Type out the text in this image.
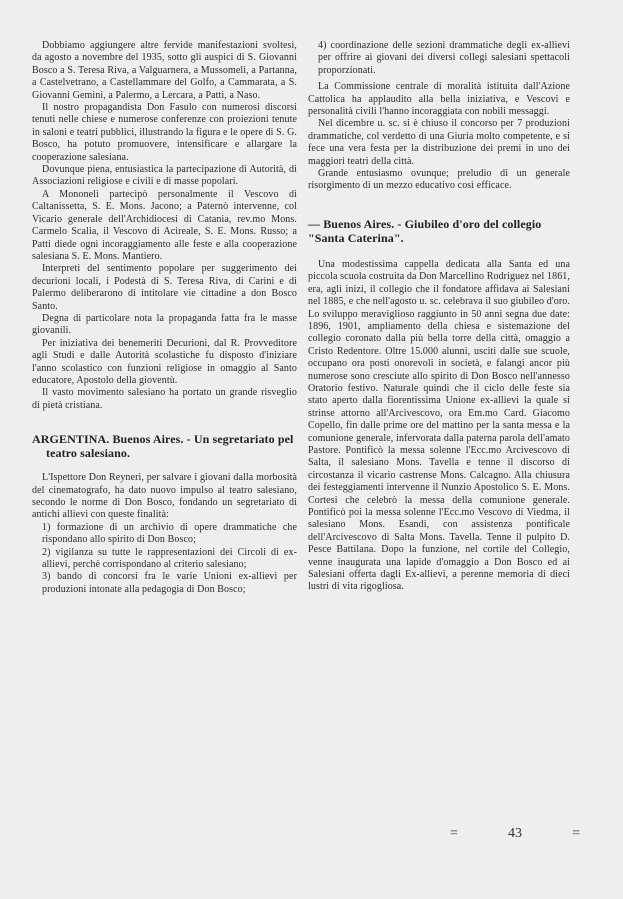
Dobbiamo aggiungere altre fervide manifestazioni svoltesi, da agosto a novembre del 1935, sotto gli auspici di S. Giovanni Bosco a S. Teresa Riva, a Valguarnera, a Mussomeli, a Partanna, a Castelvetrano, a Castellammare del Golfo, a Cammarata, a S. Giovanni Gemini, a Palermo, a Lercara, a Patti, a Naso.

Il nostro propagandista Don Fasulo con numerosi discorsi tenuti nelle chiese e numerose conferenze con proiezioni tenute in saloni e teatri pubblici, illustrando la figura e le opere di S. G. Bosco, ha potuto promuovere, intensificare e allargare la cooperazione salesiana.

Dovunque piena, entusiastica la partecipazione di Autorità, di Associazioni religiose e civili e di masse popolari.

A Mononeli partecipò personalmente il Vescovo di Caltanissetta, S. E. Mons. Jacono; a Paternò intervenne, col Vicario generale dell'Archidiocesi di Catania, rev.mo Mons. Carmelo Scalia, il Vescovo di Acireale, S. E. Mons. Russo; a Patti diede ogni incoraggiamento alle feste e alla cooperazione salesiana S. E. Mons. Mantiero.

Interpreti del sentimento popolare per suggerimento dei decurioni locali, i Podestà di S. Teresa Riva, di Carini e di Palermo deliberarono di intitolare vie cittadine a don Bosco Santo.

Degna di particolare nota la propaganda fatta fra le masse giovanili.

Per iniziativa dei benemeriti Decurioni, dal R. Provveditore agli Studi e dalle Autorità scolastiche fu disposto d'iniziare l'anno scolastico con funzioni religiose in omaggio al Santo educatore, Apostolo della gioventù.

Il vasto movimento salesiano ha portato un grande risveglio di pietà cristiana.

ARGENTINA. Buenos Aires. - Un segretariato pel teatro salesiano.

L'Ispettore Don Reyneri, per salvare i giovani dalla morbosità del cinematografo, ha dato nuovo impulso al teatro salesiano, secondo le norme di Don Bosco, fondando un segretariato di antichi allievi con queste finalità:

1) formazione di un archivio di opere drammatiche che rispondano allo spirito di Don Bosco;

2) vigilanza su tutte le rappresentazioni dei Circoli di ex-allievi, perchè corrispondano al criterio salesiano;

3) bando di concorsi fra le varie Unioni ex-allievi per produzioni intonate alla pedagogia di Don Bosco;

4) coordinazione delle sezioni drammatiche degli ex-allievi per offrire ai giovani dei diversi collegi salesiani spettacoli proporzionati.

La Commissione centrale di moralità istituita dall'Azione Cattolica ha applaudito alla bella iniziativa, e Vescovi e personalità civili l'hanno incoraggiata con nobili messaggi.

Nel dicembre u. sc. si è chiuso il concorso per 7 produzioni drammatiche, col verdetto di una Giuria molto competente, e si fece una vera festa per la distribuzione dei premi in uno dei maggiori teatri della città.

Grande entusiasmo ovunque; preludio di un generale risorgimento di un mezzo educativo così efficace.

— Buenos Aires. - Giubileo d'oro del collegio "Santa Caterina".

Una modestissima cappella dedicata alla Santa ed una piccola scuola costruita da Don Marcellino Rodriguez nel 1861, era, agli inizi, il collegio che il fondatore affidava ai Salesiani nel 1885, e che nell'agosto u. sc. celebrava il suo giubileo d'oro. Lo sviluppo meraviglioso raggiunto in 50 anni segna due date: 1896, 1901, ampliamento della chiesa e sistemazione del collegio coronato dalla più bella torre della città, omaggio a Cristo Redentore. Oltre 15.000 alunni, usciti dalle sue scuole, occupano ora posti onorevoli in società, e falangi ancor più numerose sono cresciute allo spirito di Don Bosco nell'annesso Oratorio festivo. Naturale quindi che il ciclo delle feste sia stato aperto dalla fiorentissima Unione ex-allievi la quale si strinse attorno all'Arcivescovo, ora Em.mo Card. Giacomo Copello, fin dalle prime ore del mattino per la santa messa e la comunione generale, infervorata dalla paterna parola dell'amato Pastore. Pontificò la messa solenne l'Ecc.mo Arcivescovo di Salta, il salesiano Mons. Tavella e tenne il discorso di circostanza il vicario castrense Mons. Calcagno. Alla chiusura dei festeggiamenti intervenne il Nunzio Apostolico S. E. Mons. Cortesi che celebrò la messa della comunione generale. Pontificò poi la messa solenne l'Ecc.mo Vescovo di Viedma, il salesiano Mons. Esandi, con assistenza pontificale dell'Arcivescovo di Salta Mons. Tavella. Tenne il pulpito D. Pesce Battilana. Dopo la funzione, nel cortile del Collegio, venne inaugurata una lapide d'omaggio a Don Bosco ed ai Salesiani offerta dagli Ex-allievi, a perenne memoria di dieci lustri di vita rigogliosa.

=	43	=
